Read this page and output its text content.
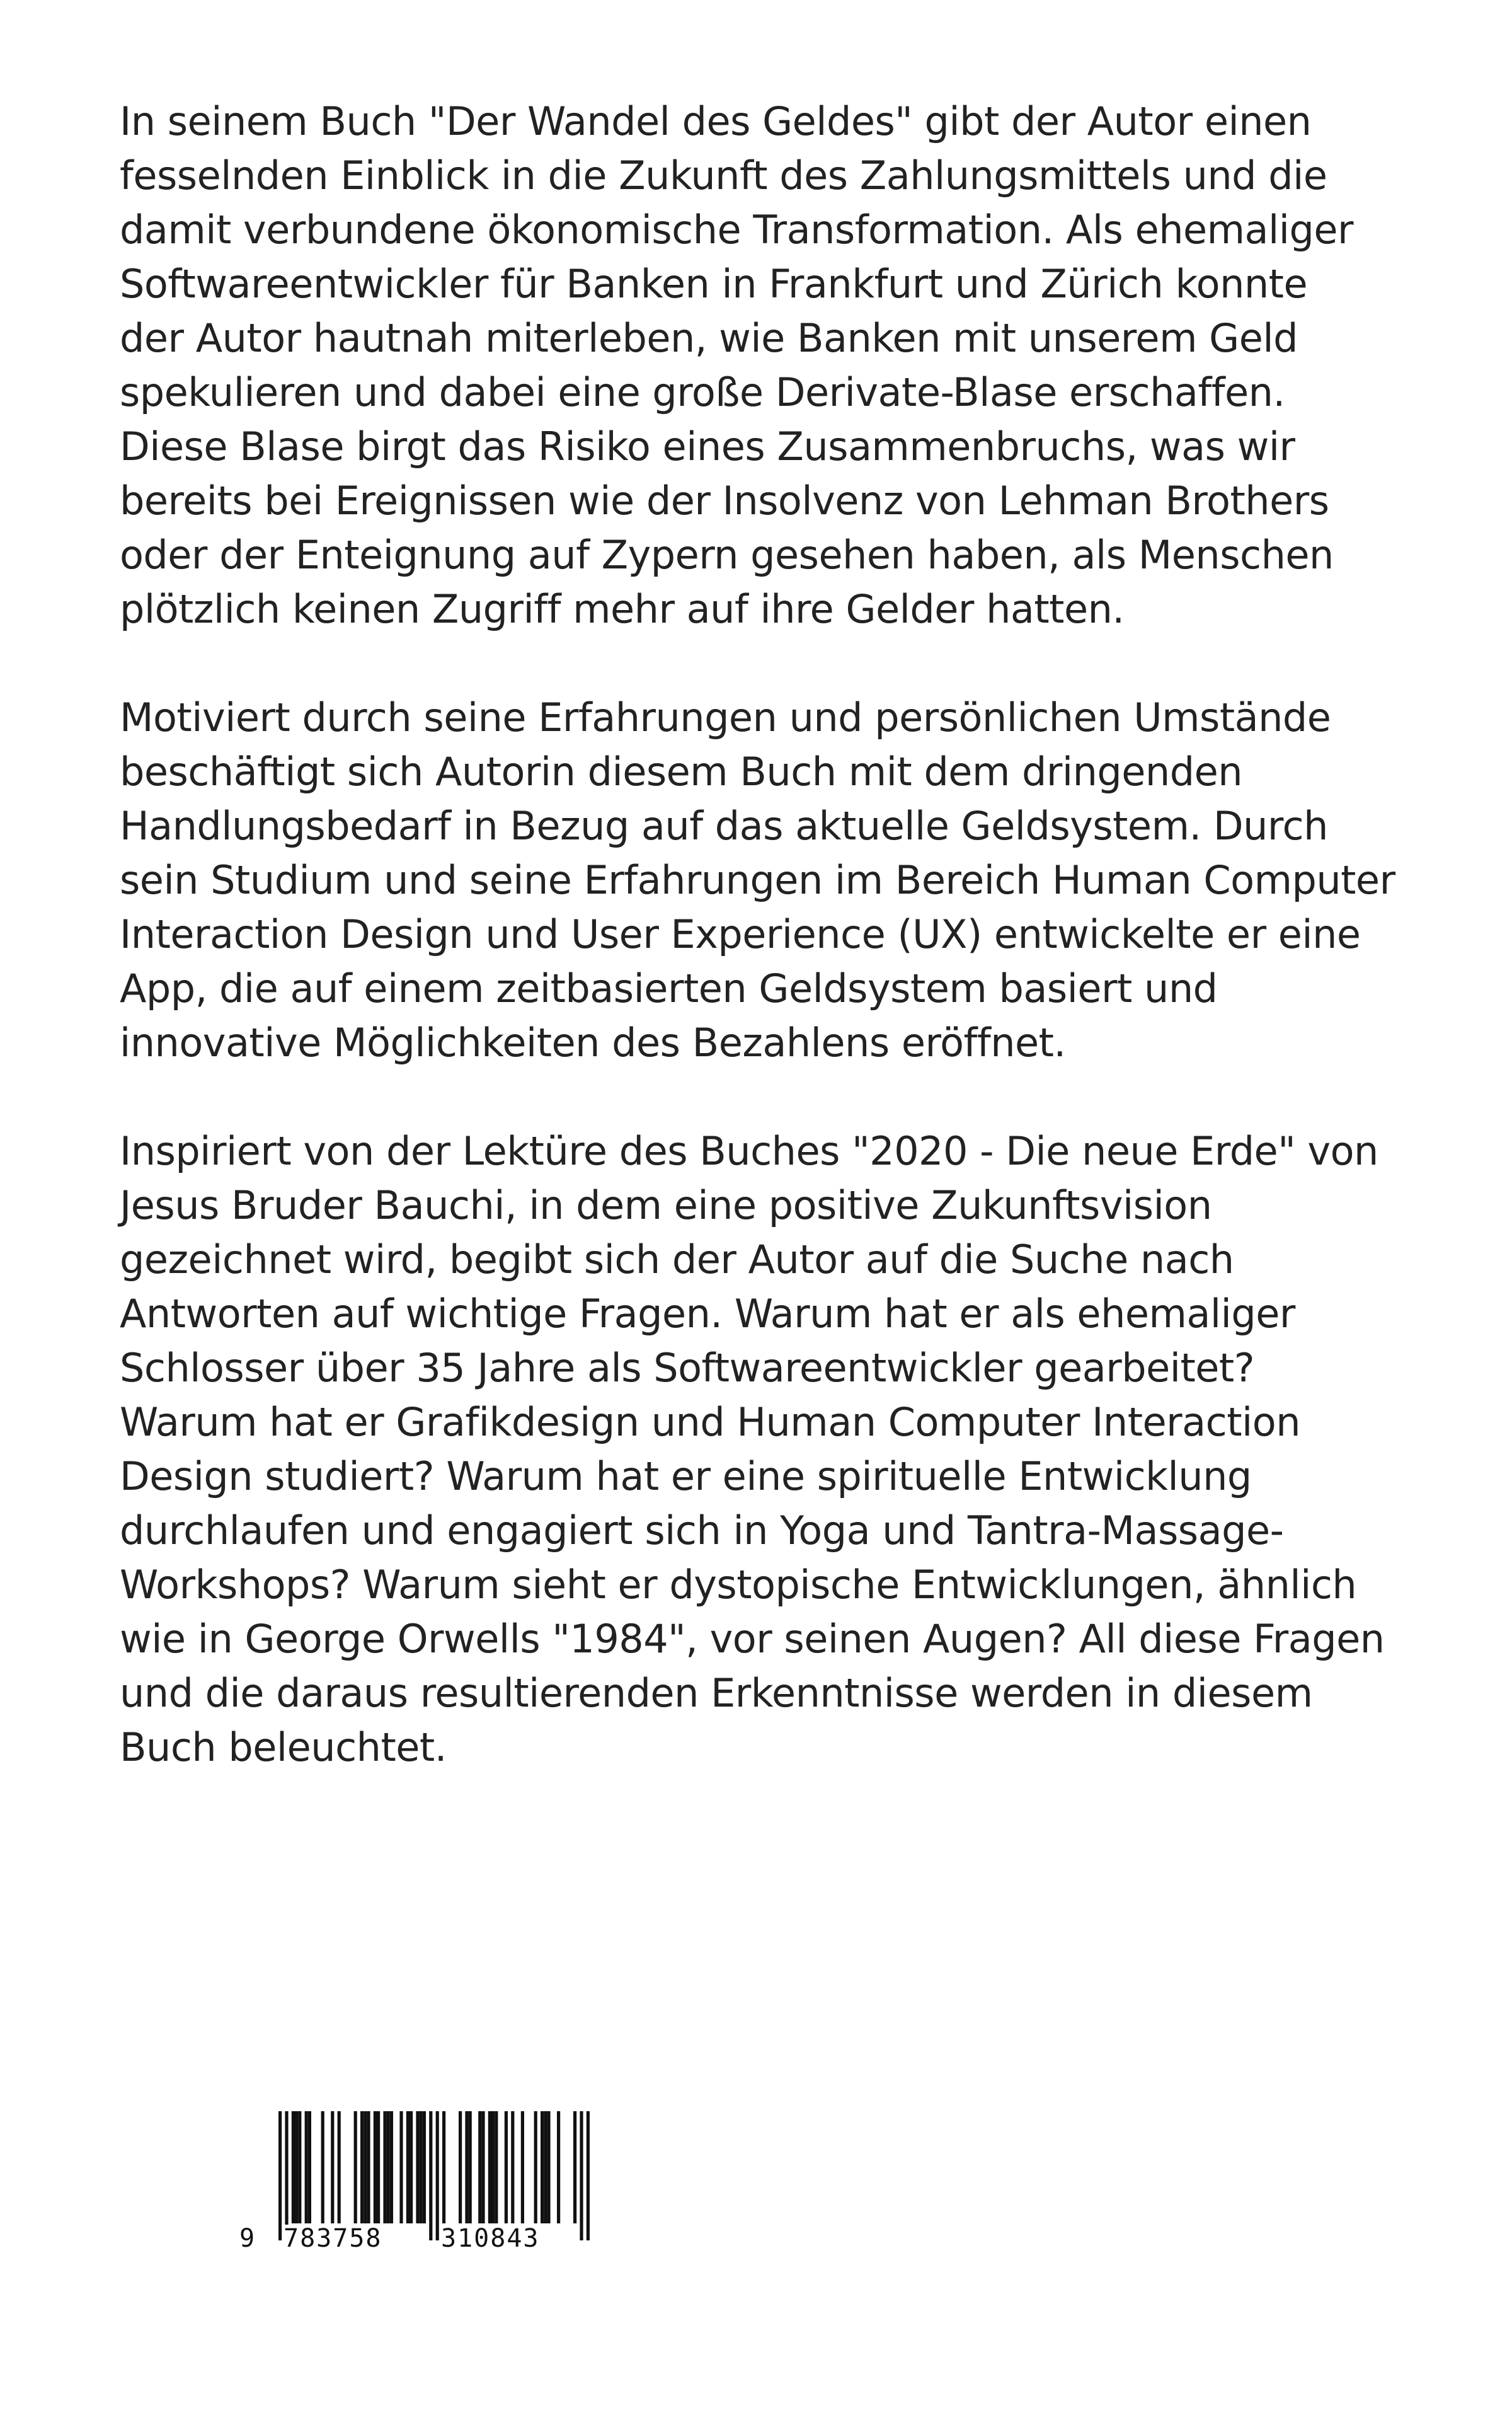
In seinem Buch "Der Wandel des Geldes" gibt der Autor einen
fesselnden Einblick in die Zukunft des Zahlungsmittels und die
damit verbundene ökonomische Transformation. Als ehemaliger
Softwareentwickler für Banken in Frankfurt und Zürich konnte
der Autor hautnah miterleben, wie Banken mit unserem Geld
spekulieren und dabei eine große Derivate-Blase erschaffen.
Diese Blase birgt das Risiko eines Zusammenbruchs, was wir
bereits bei Ereignissen wie der Insolvenz von Lehman Brothers
oder der Enteignung auf Zypern gesehen haben, als Menschen
plötzlich keinen Zugriff mehr auf ihre Gelder hatten.

Motiviert durch seine Erfahrungen und persönlichen Umstände
beschäftigt sich Autorin diesem Buch mit dem dringenden
Handlungsbedarf in Bezug auf das aktuelle Geldsystem. Durch
sein Studium und seine Erfahrungen im Bereich Human Computer
Interaction Design und User Experience (UX) entwickelte er eine
App, die auf einem zeitbasierten Geldsystem basiert und
innovative Möglichkeiten des Bezahlens eröffnet.

Inspiriert von der Lektüre des Buches "2020 - Die neue Erde" von
Jesus Bruder Bauchi, in dem eine positive Zukunftsvision
gezeichnet wird, begibt sich der Autor auf die Suche nach
Antworten auf wichtige Fragen. Warum hat er als ehemaliger
Schlosser über 35 Jahre als Softwareentwickler gearbeitet?
Warum hat er Grafikdesign und Human Computer Interaction
Design studiert? Warum hat er eine spirituelle Entwicklung
durchlaufen und engagiert sich in Yoga und Tantra-Massage-
Workshops? Warum sieht er dystopische Entwicklungen, ähnlich
wie in George Orwells "1984", vor seinen Augen? All diese Fragen
und die daraus resultierenden Erkenntnisse werden in diesem
Buch beleuchtet.

9 783758 310843
